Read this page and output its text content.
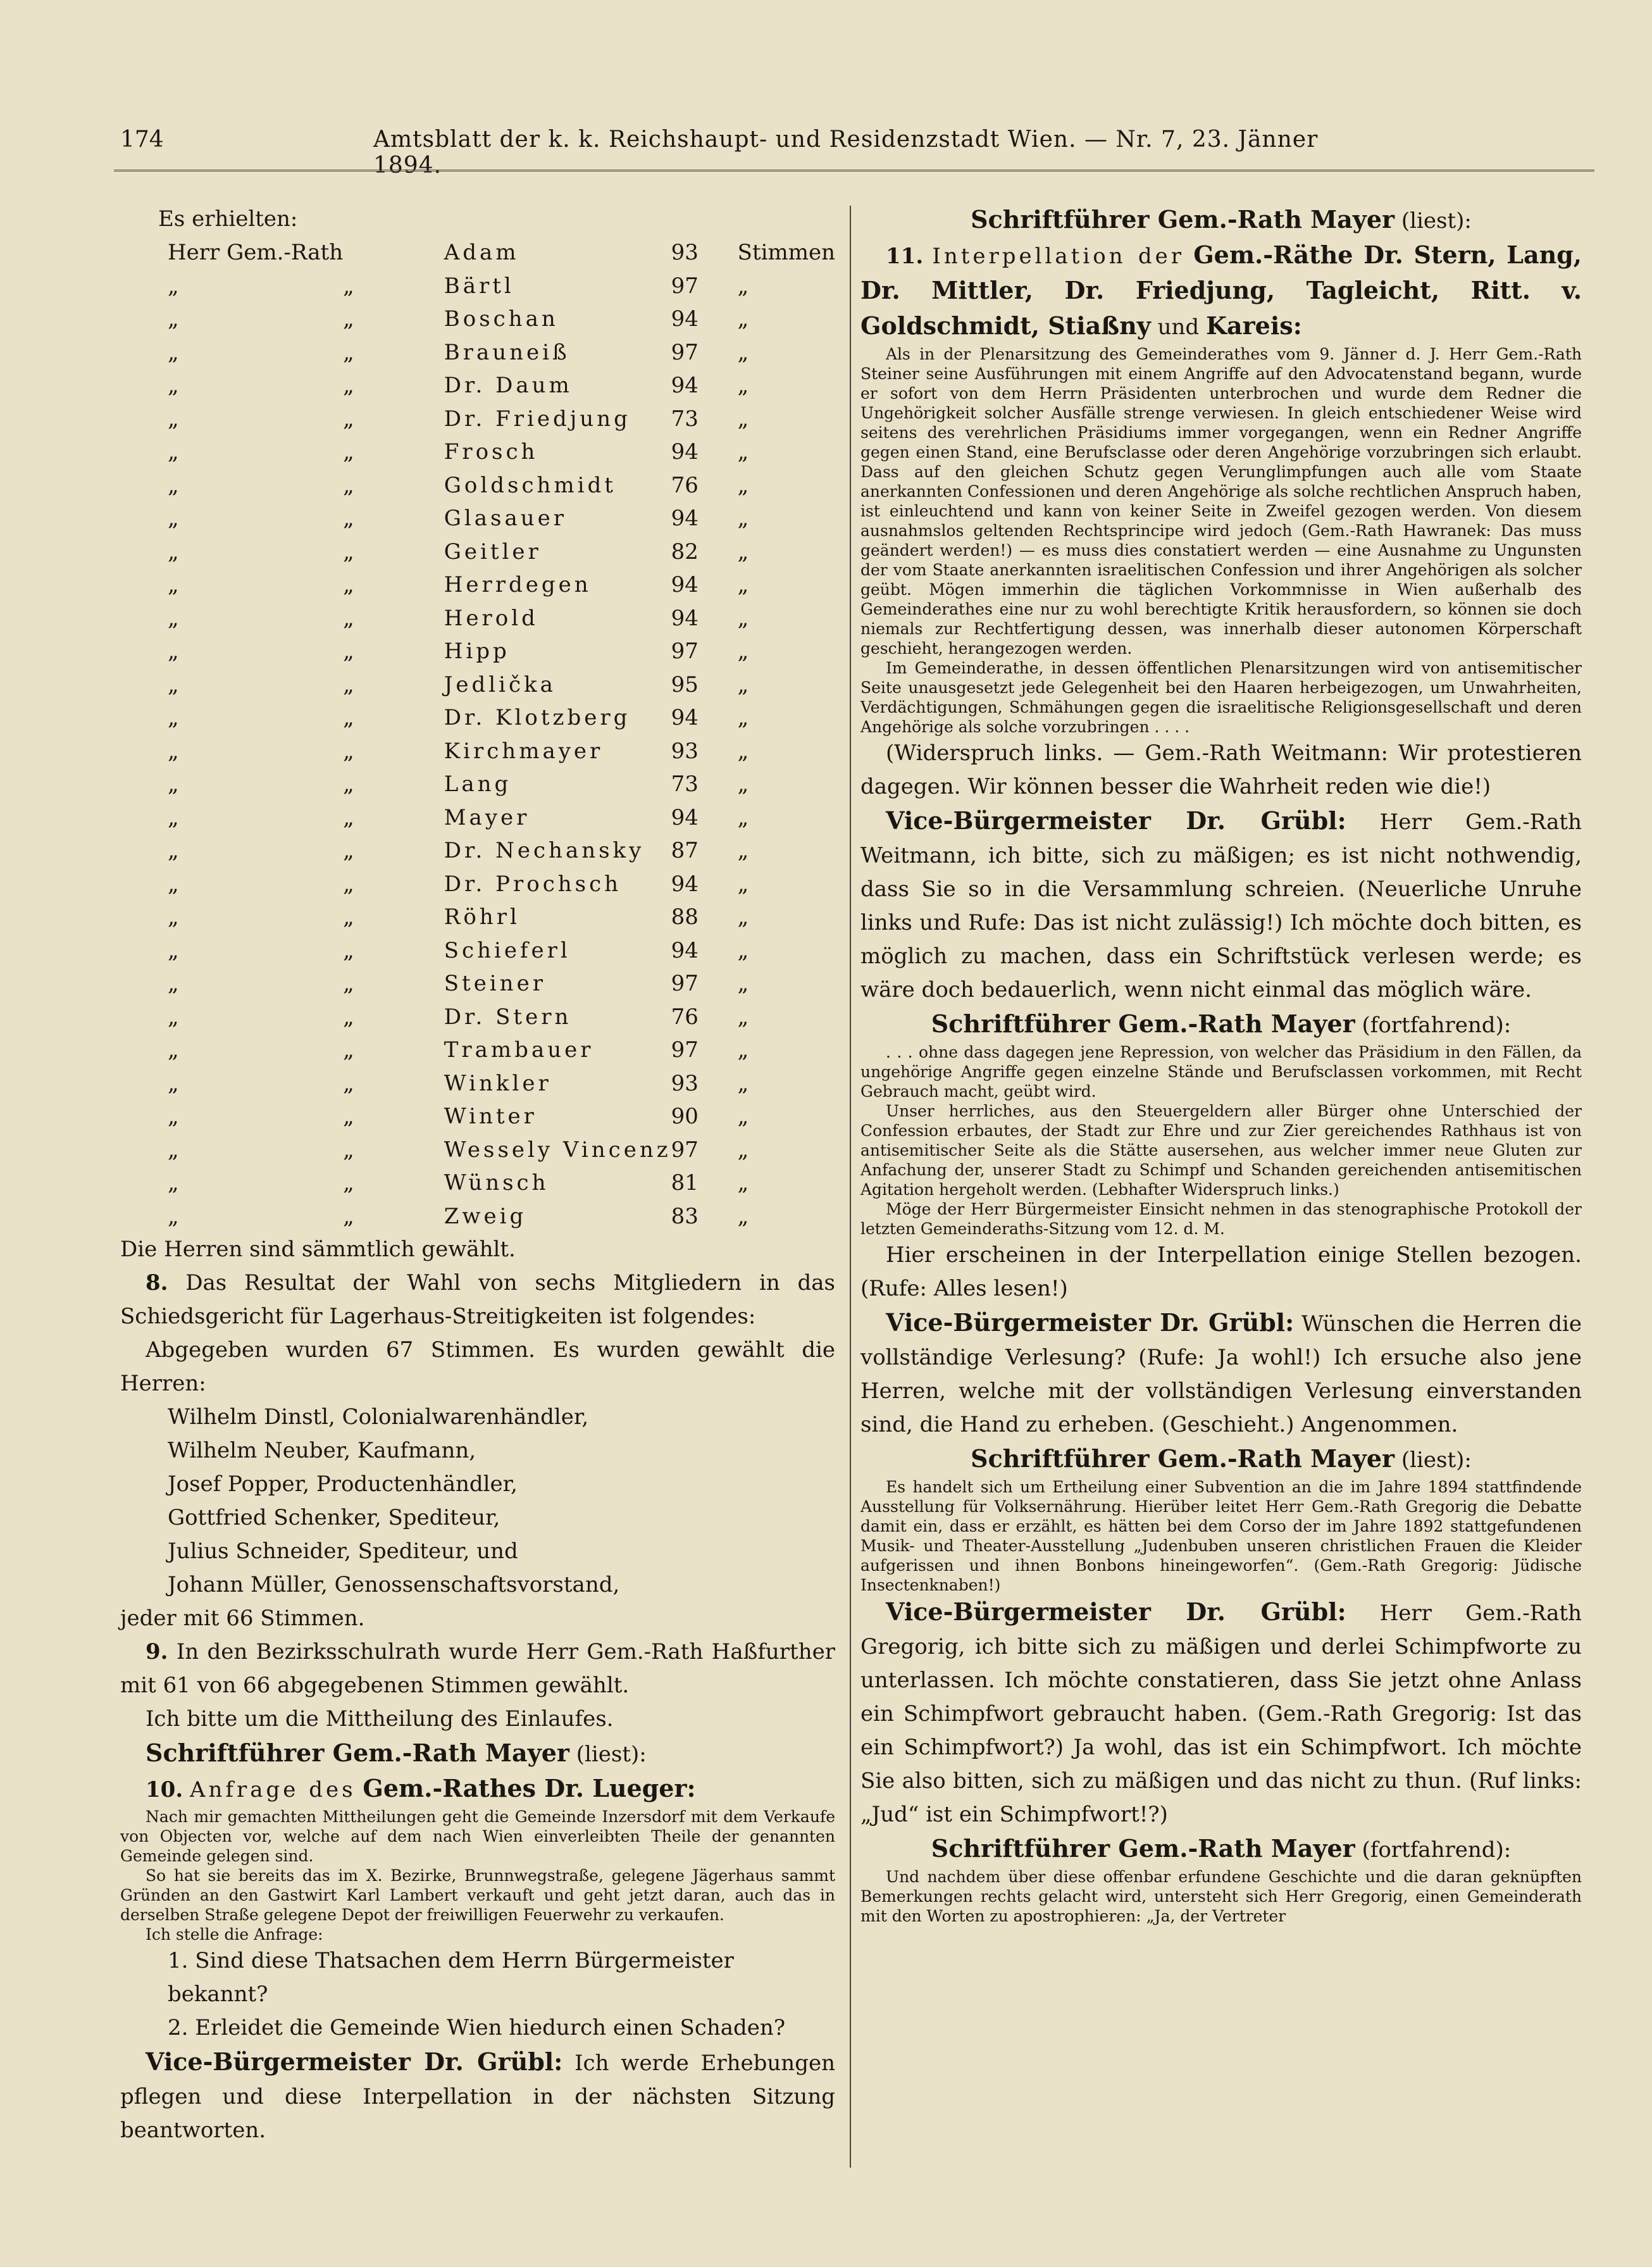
174	Amtsblatt der k. k. Reichshaupt- und Residenzstadt Wien. — Nr. 7, 23. Jänner 1894.

Es erhielten:

Herr Gem.-Rath		Adam	93	Stimmen
„	„	Bärtl	97	„
„	„	Boschan	94	„
„	„	Brauneiß	97	„
„	„	Dr. Daum	94	„
„	„	Dr. Friedjung	73	„
„	„	Frosch	94	„
„	„	Goldschmidt	76	„
„	„	Glasauer	94	„
„	„	Geitler	82	„
„	„	Herrdegen	94	„
„	„	Herold	94	„
„	„	Hipp	97	„
„	„	Jedlička	95	„
„	„	Dr. Klotzberg	94	„
„	„	Kirchmayer	93	„
„	„	Lang	73	„
„	„	Mayer	94	„
„	„	Dr. Nechansky	87	„
„	„	Dr. Prochsch	94	„
„	„	Röhrl	88	„
„	„	Schieferl	94	„
„	„	Steiner	97	„
„	„	Dr. Stern	76	„
„	„	Trambauer	97	„
„	„	Winkler	93	„
„	„	Winter	90	„
„	„	Wessely Vincenz	97	„
„	„	Wünsch	81	„
„	„	Zweig	83	„

Die Herren sind sämmtlich gewählt.

8. Das Resultat der Wahl von sechs Mitgliedern in das Schiedsgericht für Lagerhaus-Streitigkeiten ist folgendes:

Abgegeben wurden 67 Stimmen. Es wurden gewählt die Herren:

Wilhelm Dinstl, Colonialwarenhändler,

Wilhelm Neuber, Kaufmann,

Josef Popper, Productenhändler,

Gottfried Schenker, Spediteur,

Julius Schneider, Spediteur, und

Johann Müller, Genossenschaftsvorstand,

jeder mit 66 Stimmen.

9. In den Bezirksschulrath wurde Herr Gem.-Rath Haßfurther mit 61 von 66 abgegebenen Stimmen gewählt.

Ich bitte um die Mittheilung des Einlaufes.

Schriftführer Gem.-Rath Mayer (liest):

10. Anfrage des Gem.-Rathes Dr. Lueger:

Nach mir gemachten Mittheilungen geht die Gemeinde Inzersdorf mit dem Verkaufe von Objecten vor, welche auf dem nach Wien einverleibten Theile der genannten Gemeinde gelegen sind.

So hat sie bereits das im X. Bezirke, Brunnwegstraße, gelegene Jägerhaus sammt Gründen an den Gastwirt Karl Lambert verkauft und geht jetzt daran, auch das in derselben Straße gelegene Depot der freiwilligen Feuerwehr zu verkaufen.

Ich stelle die Anfrage:

1. Sind diese Thatsachen dem Herrn Bürgermeister bekannt?

2. Erleidet die Gemeinde Wien hiedurch einen Schaden?

Vice-Bürgermeister Dr. Grübl: Ich werde Erhebungen pflegen und diese Interpellation in der nächsten Sitzung beantworten.

Schriftführer Gem.-Rath Mayer (liest):

11. Interpellation der Gem.-Räthe Dr. Stern, Lang, Dr. Mittler, Dr. Friedjung, Tagleicht, Ritt. v. Goldschmidt, Stiaßny und Kareis:

Als in der Plenarsitzung des Gemeinderathes vom 9. Jänner d. J. Herr Gem.-Rath Steiner seine Ausführungen mit einem Angriffe auf den Advocatenstand begann, wurde er sofort von dem Herrn Präsidenten unterbrochen und wurde dem Redner die Ungehörigkeit solcher Ausfälle strenge verwiesen. In gleich entschiedener Weise wird seitens des verehrlichen Präsidiums immer vorgegangen, wenn ein Redner Angriffe gegen einen Stand, eine Berufsclasse oder deren Angehörige vorzubringen sich erlaubt. Dass auf den gleichen Schutz gegen Verunglimpfungen auch alle vom Staate anerkannten Confessionen und deren Angehörige als solche rechtlichen Anspruch haben, ist einleuchtend und kann von keiner Seite in Zweifel gezogen werden. Von diesem ausnahmslos geltenden Rechtsprincipe wird jedoch (Gem.-Rath Hawranek: Das muss geändert werden!) — es muss dies constatiert werden — eine Ausnahme zu Ungunsten der vom Staate anerkannten israelitischen Confession und ihrer Angehörigen als solcher geübt. Mögen immerhin die täglichen Vorkommnisse in Wien außerhalb des Gemeinderathes eine nur zu wohl berechtigte Kritik herausfordern, so können sie doch niemals zur Rechtfertigung dessen, was innerhalb dieser autonomen Körperschaft geschieht, herangezogen werden.

Im Gemeinderathe, in dessen öffentlichen Plenarsitzungen wird von antisemitischer Seite unausgesetzt jede Gelegenheit bei den Haaren herbeigezogen, um Unwahrheiten, Verdächtigungen, Schmähungen gegen die israelitische Religionsgesellschaft und deren Angehörige als solche vorzubringen . . . .

(Widerspruch links. — Gem.-Rath Weitmann: Wir protestieren dagegen. Wir können besser die Wahrheit reden wie die!)

Vice-Bürgermeister Dr. Grübl: Herr Gem.-Rath Weitmann, ich bitte, sich zu mäßigen; es ist nicht nothwendig, dass Sie so in die Versammlung schreien. (Neuerliche Unruhe links und Rufe: Das ist nicht zulässig!) Ich möchte doch bitten, es möglich zu machen, dass ein Schriftstück verlesen werde; es wäre doch bedauerlich, wenn nicht einmal das möglich wäre.

Schriftführer Gem.-Rath Mayer (fortfahrend):

. . . ohne dass dagegen jene Repression, von welcher das Präsidium in den Fällen, da ungehörige Angriffe gegen einzelne Stände und Berufsclassen vorkommen, mit Recht Gebrauch macht, geübt wird.

Unser herrliches, aus den Steuergeldern aller Bürger ohne Unterschied der Confession erbautes, der Stadt zur Ehre und zur Zier gereichendes Rathhaus ist von antisemitischer Seite als die Stätte ausersehen, aus welcher immer neue Gluten zur Anfachung der, unserer Stadt zu Schimpf und Schanden gereichenden antisemitischen Agitation hergeholt werden. (Lebhafter Widerspruch links.)

Möge der Herr Bürgermeister Einsicht nehmen in das stenographische Protokoll der letzten Gemeinderaths-Sitzung vom 12. d. M.

Hier erscheinen in der Interpellation einige Stellen bezogen. (Rufe: Alles lesen!)

Vice-Bürgermeister Dr. Grübl: Wünschen die Herren die vollständige Verlesung? (Rufe: Ja wohl!) Ich ersuche also jene Herren, welche mit der vollständigen Verlesung einverstanden sind, die Hand zu erheben. (Geschieht.) Angenommen.

Schriftführer Gem.-Rath Mayer (liest):

Es handelt sich um Ertheilung einer Subvention an die im Jahre 1894 stattfindende Ausstellung für Volksernährung. Hierüber leitet Herr Gem.-Rath Gregorig die Debatte damit ein, dass er erzählt, es hätten bei dem Corso der im Jahre 1892 stattgefundenen Musik- und Theater-Ausstellung „Judenbuben unseren christlichen Frauen die Kleider aufgerissen und ihnen Bonbons hineingeworfen“. (Gem.-Rath Gregorig: Jüdische Insectenknaben!)

Vice-Bürgermeister Dr. Grübl: Herr Gem.-Rath Gregorig, ich bitte sich zu mäßigen und derlei Schimpfworte zu unterlassen. Ich möchte constatieren, dass Sie jetzt ohne Anlass ein Schimpfwort gebraucht haben. (Gem.-Rath Gregorig: Ist das ein Schimpfwort?) Ja wohl, das ist ein Schimpfwort. Ich möchte Sie also bitten, sich zu mäßigen und das nicht zu thun. (Ruf links: „Jud“ ist ein Schimpfwort!?)

Schriftführer Gem.-Rath Mayer (fortfahrend):

Und nachdem über diese offenbar erfundene Geschichte und die daran geknüpften Bemerkungen rechts gelacht wird, untersteht sich Herr Gregorig, einen Gemeinderath mit den Worten zu apostrophieren: „Ja, der Vertreter
